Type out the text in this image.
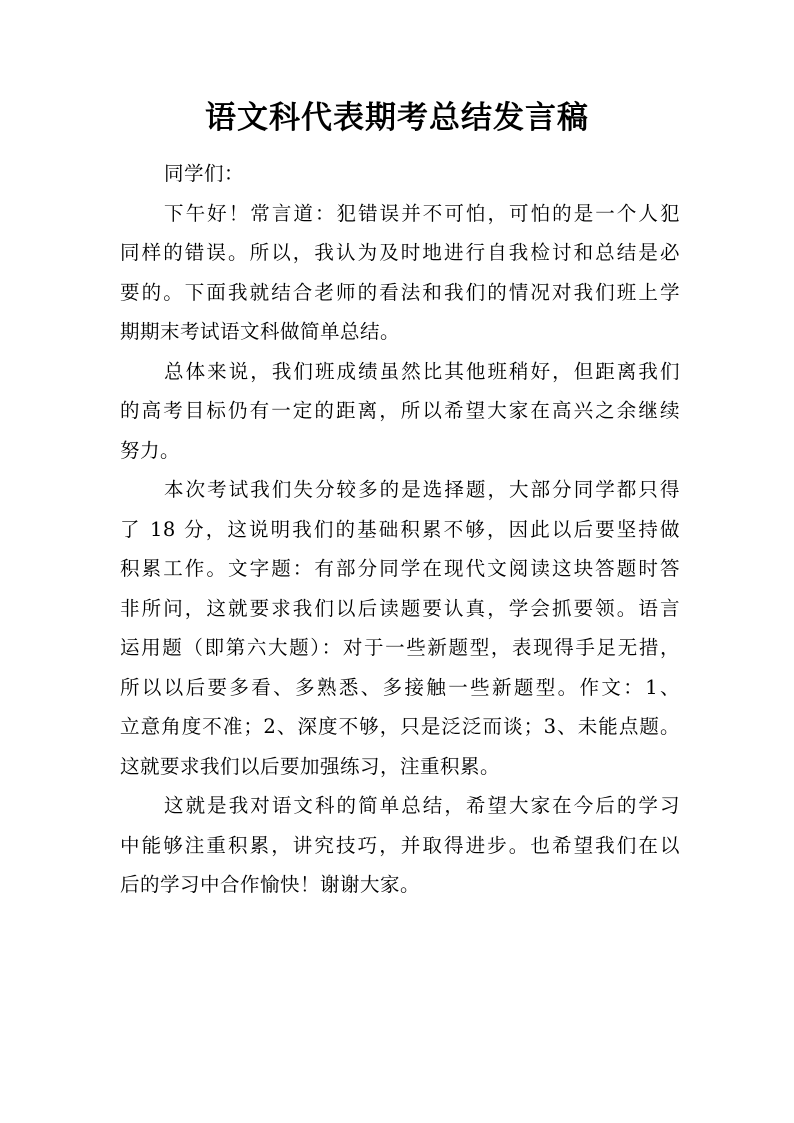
语文科代表期考总结发言稿
同学们：
下午好！常言道：犯错误并不可怕，可怕的是一个人犯
同样的错误。所以，我认为及时地进行自我检讨和总结是必
要的。下面我就结合老师的看法和我们的情况对我们班上学
期期末考试语文科做简单总结。
总体来说，我们班成绩虽然比其他班稍好，但距离我们
的高考目标仍有一定的距离，所以希望大家在高兴之余继续
努力。
本次考试我们失分较多的是选择题，大部分同学都只得
了 18 分，这说明我们的基础积累不够，因此以后要坚持做
积累工作。文字题：有部分同学在现代文阅读这块答题时答
非所问，这就要求我们以后读题要认真，学会抓要领。语言
运用题（即第六大题）：对于一些新题型，表现得手足无措，
所以以后要多看、多熟悉、多接触一些新题型。作文：1、
立意角度不准；2、深度不够，只是泛泛而谈；3、未能点题。
这就要求我们以后要加强练习，注重积累。
这就是我对语文科的简单总结，希望大家在今后的学习
中能够注重积累，讲究技巧，并取得进步。也希望我们在以
后的学习中合作愉快！谢谢大家。
